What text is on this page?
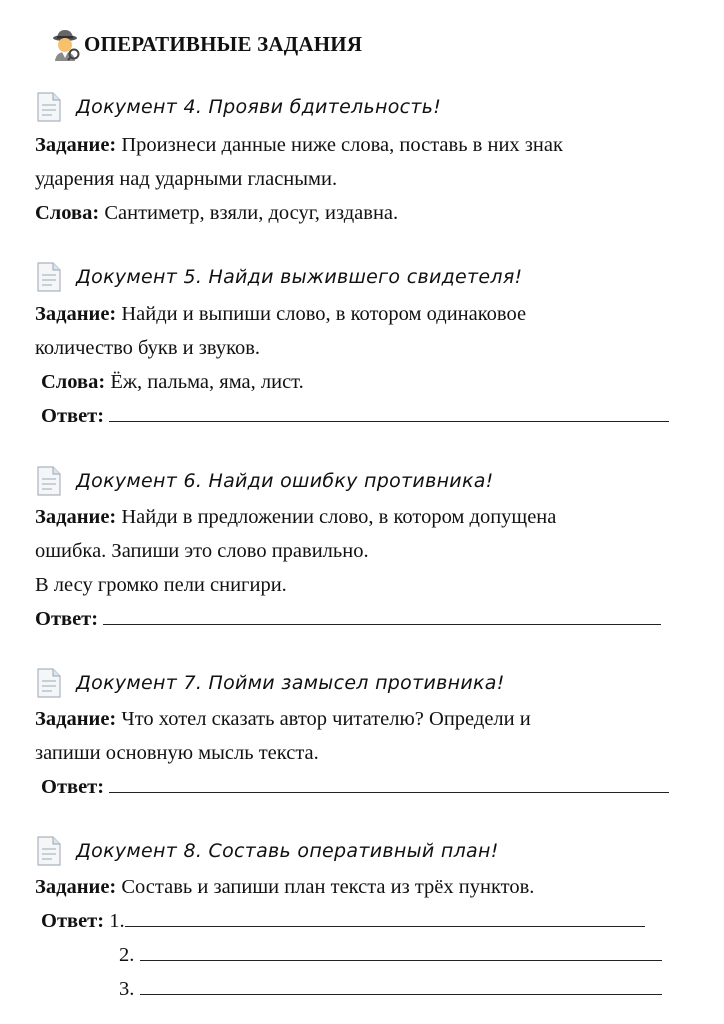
ОПЕРАТИВНЫЕ ЗАДАНИЯ
Документ 4. Прояви бдительность!
Задание: Произнеси данные ниже слова, поставь в них знак
ударения над ударными гласными.
Слова: Сантиметр, взяли, досуг, издавна.
Документ 5. Найди выжившего свидетеля!
Задание: Найди и выпиши слово, в котором одинаковое
количество букв и звуков.
Слова: Ёж, пальма, яма, лист.
Ответ:
Документ 6. Найди ошибку противника!
Задание: Найди в предложении слово, в котором допущена
ошибка. Запиши это слово правильно.
В лесу громко пели снигири.
Ответ:
Документ 7. Пойми замысел противника!
Задание: Что хотел сказать автор читателю? Определи и
запиши основную мысль текста.
Ответ:
Документ 8. Составь оперативный план!
Задание: Составь и запиши план текста из трёх пунктов.
Ответ: 1.
2.
3.
